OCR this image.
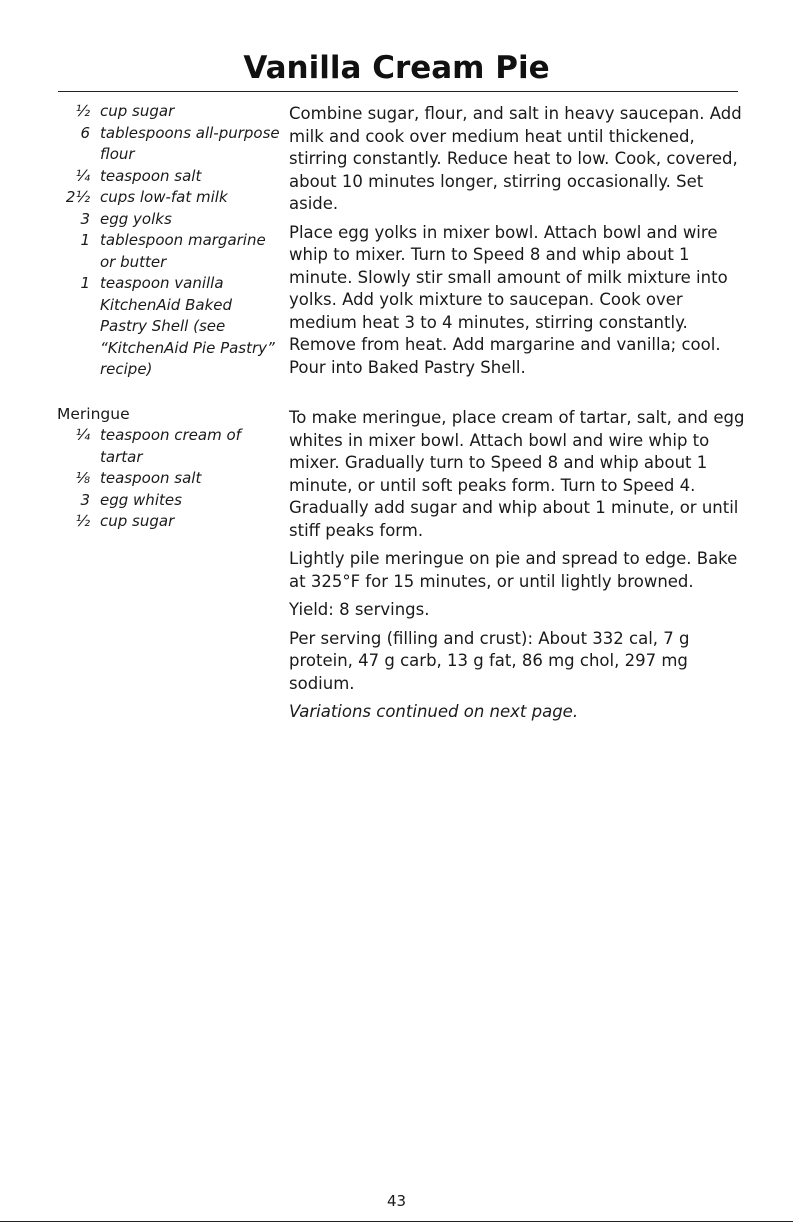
Vanilla Cream Pie
½ cup sugar
6 tablespoons all-purpose flour
¼ teaspoon salt
2½ cups low-fat milk
3 egg yolks
1 tablespoon margarine or butter
1 teaspoon vanilla
KitchenAid Baked Pastry Shell (see “KitchenAid Pie Pastry” recipe)
Meringue
¼ teaspoon cream of tartar
⅛ teaspoon salt
3 egg whites
½ cup sugar

Combine sugar, flour, and salt in heavy saucepan. Add milk and cook over medium heat until thickened, stirring constantly. Reduce heat to low. Cook, covered, about 10 minutes longer, stirring occasionally. Set aside.

Place egg yolks in mixer bowl. Attach bowl and wire whip to mixer. Turn to Speed 8 and whip about 1 minute. Slowly stir small amount of milk mixture into yolks. Add yolk mixture to saucepan. Cook over medium heat 3 to 4 minutes, stirring constantly. Remove from heat. Add margarine and vanilla; cool. Pour into Baked Pastry Shell.

To make meringue, place cream of tartar, salt, and egg whites in mixer bowl. Attach bowl and wire whip to mixer. Gradually turn to Speed 8 and whip about 1 minute, or until soft peaks form. Turn to Speed 4. Gradually add sugar and whip about 1 minute, or until stiff peaks form.

Lightly pile meringue on pie and spread to edge. Bake at 325°F for 15 minutes, or until lightly browned.

Yield: 8 servings.

Per serving (filling and crust): About 332 cal, 7 g protein, 47 g carb, 13 g fat, 86 mg chol, 297 mg sodium.

Variations continued on next page.

43
